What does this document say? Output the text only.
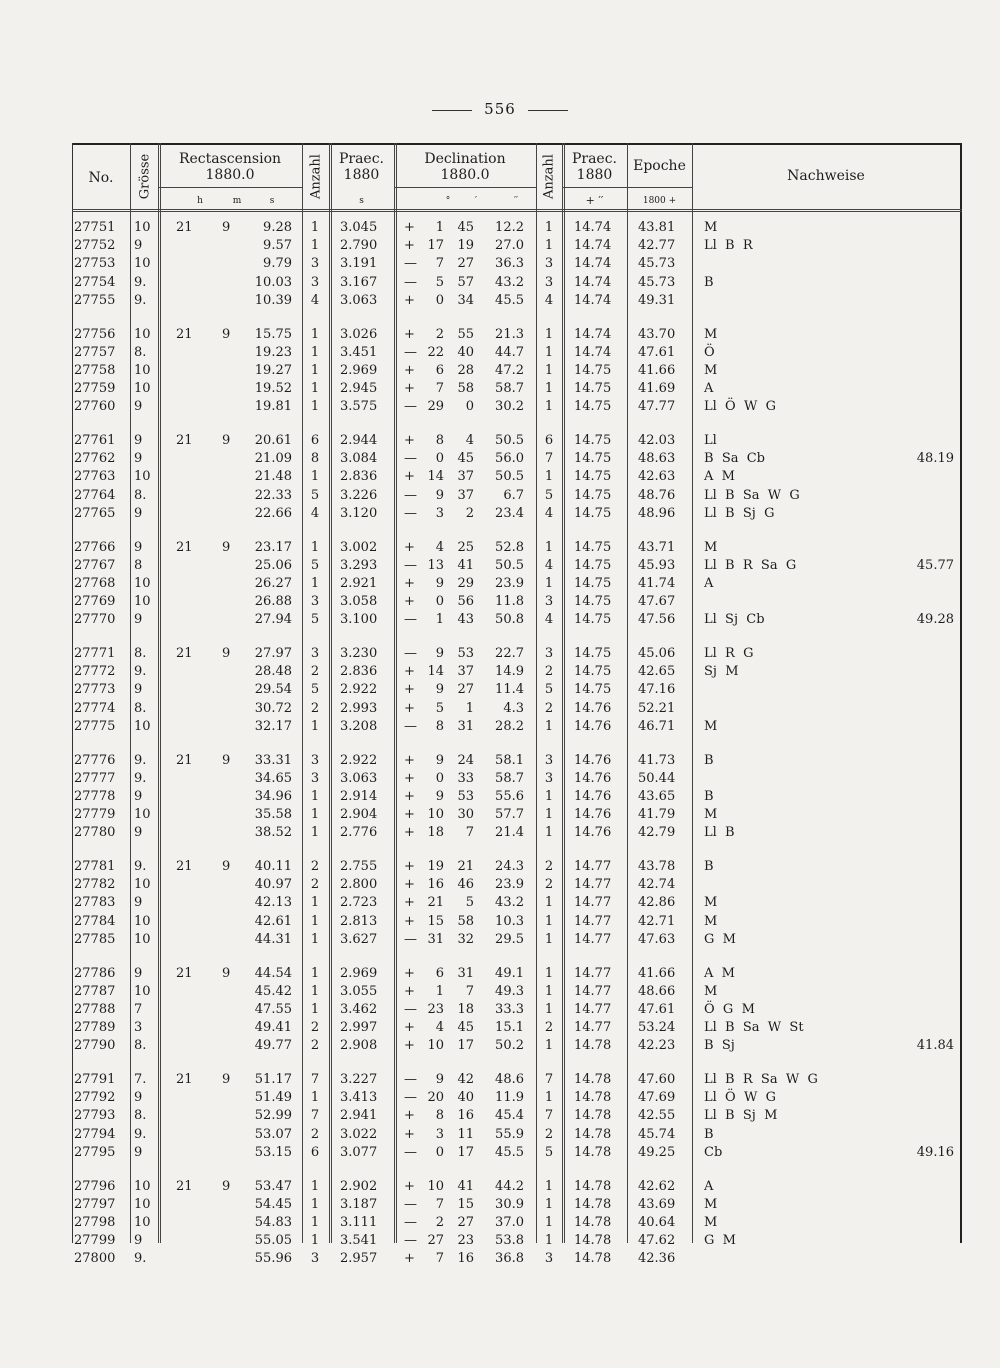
556
No.	Grösse	Rectascension
1880.0
h	m	s
Anzahl	Praec.
1880
s
Declination
1880.0
°	′	′′
Anzahl	Praec.
1880
+ ′′
Epoche
1800 +
Nachweise
27751	10	21	9	9.28	1	3.045	+	1	45	12.2	1	14.74	43.81	M
27752	9	9.57	1	2.790	+ 17	19	27.0	1	14.74	42.77	Ll  B  R
27753	10	9.79	3	3.191	—	7	27	36.3	3	14.74	45.73
27754	9.	10.03	3	3.167	—	5	57	43.2	3	14.74	45.73	B
27755	9.	10.39	4	3.063	+	0	34	45.5	4	14.74	49.31
27756	10	21	9	15.75	1	3.026	+	2	55	21.3	1	14.74	43.70	M
27757	8.	19.23	1	3.451	— 22	40	44.7	1	14.74	47.61	Ö
27758	10	19.27	1	2.969	+	6	28	47.2	1	14.75	41.66	M
27759	10	19.52	1	2.945	+	7	58	58.7	1	14.75	41.69	A
27760	9	19.81	1	3.575	— 29	0	30.2	1	14.75	47.77	Ll  Ö  W  G
27761	9	21	9	20.61	6	2.944	+	8	4	50.5	6	14.75	42.03	Ll
27762	9	21.09	8	3.084	—	0	45	56.0	7	14.75	48.63	B  Sa  Cb	48.19
27763	10	21.48	1	2.836	+ 14	37	50.5	1	14.75	42.63	A  M
27764	8.	22.33	5	3.226	—	9	37	6.7	5	14.75	48.76	Ll  B  Sa  W  G
27765	9	22.66	4	3.120	—	3	2	23.4	4	14.75	48.96	Ll  B  Sj  G
27766	9	21	9	23.17	1	3.002	+	4	25	52.8	1	14.75	43.71	M
27767	8	25.06	5	3.293	— 13	41	50.5	4	14.75	45.93	Ll  B  R  Sa  G	45.77
27768	10	26.27	1	2.921	+	9	29	23.9	1	14.75	41.74	A
27769	10	26.88	3	3.058	+	0	56	11.8	3	14.75	47.67
27770	9	27.94	5	3.100	—	1	43	50.8	4	14.75	47.56	Ll  Sj  Cb	49.28
27771	8.	21	9	27.97	3	3.230	—	9	53	22.7	3	14.75	45.06	Ll  R  G
27772	9.	28.48	2	2.836	+ 14	37	14.9	2	14.75	42.65	Sj  M
27773	9	29.54	5	2.922	+	9	27	11.4	5	14.75	47.16
27774	8.	30.72	2	2.993	+	5	1	4.3	2	14.76	52.21
27775	10	32.17	1	3.208	—	8	31	28.2	1	14.76	46.71	M
27776	9.	21	9	33.31	3	2.922	+	9	24	58.1	3	14.76	41.73	B
27777	9.	34.65	3	3.063	+	0	33	58.7	3	14.76	50.44
27778	9	34.96	1	2.914	+	9	53	55.6	1	14.76	43.65	B
27779	10	35.58	1	2.904	+ 10	30	57.7	1	14.76	41.79	M
27780	9	38.52	1	2.776	+ 18	7	21.4	1	14.76	42.79	Ll  B
27781	9.	21	9	40.11	2	2.755	+ 19	21	24.3	2	14.77	43.78	B
27782	10	40.97	2	2.800	+ 16	46	23.9	2	14.77	42.74
27783	9	42.13	1	2.723	+ 21	5	43.2	1	14.77	42.86	M
27784	10	42.61	1	2.813	+ 15	58	10.3	1	14.77	42.71	M
27785	10	44.31	1	3.627	— 31	32	29.5	1	14.77	47.63	G  M
27786	9	21	9	44.54	1	2.969	+	6	31	49.1	1	14.77	41.66	A  M
27787	10	45.42	1	3.055	+	1	7	49.3	1	14.77	48.66	M
27788	7	47.55	1	3.462	— 23	18	33.3	1	14.77	47.61	Ö  G  M
27789	3	49.41	2	2.997	+	4	45	15.1	2	14.77	53.24	Ll  B  Sa  W  St
27790	8.	49.77	2	2.908	+ 10	17	50.2	1	14.78	42.23	B  Sj	41.84
27791	7.	21	9	51.17	7	3.227	—	9	42	48.6	7	14.78	47.60	Ll  B  R  Sa  W  G
27792	9	51.49	1	3.413	— 20	40	11.9	1	14.78	47.69	Ll  Ö  W  G
27793	8.	52.99	7	2.941	+	8	16	45.4	7	14.78	42.55	Ll  B  Sj  M
27794	9.	53.07	2	3.022	+	3	11	55.9	2	14.78	45.74	B
27795	9	53.15	6	3.077	—	0	17	45.5	5	14.78	49.25	Cb	49.16
27796	10	21	9	53.47	1	2.902	+ 10	41	44.2	1	14.78	42.62	A
27797	10	54.45	1	3.187	—	7	15	30.9	1	14.78	43.69	M
27798	10	54.83	1	3.111	—	2	27	37.0	1	14.78	40.64	M
27799	9	55.05	1	3.541	— 27	23	53.8	1	14.78	47.62	G  M
27800	9.	55.96	3	2.957	+	7	16	36.8	3	14.78	42.36
